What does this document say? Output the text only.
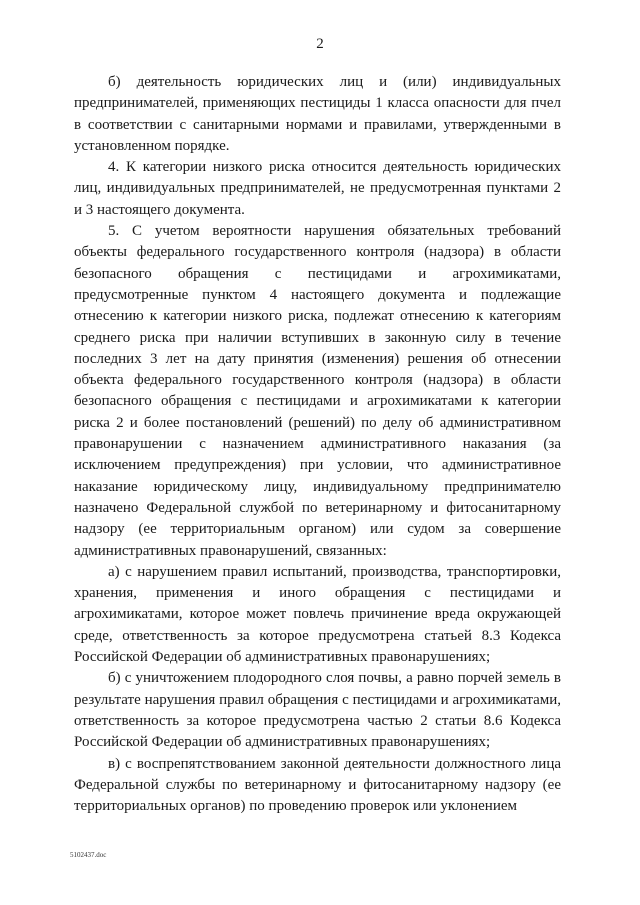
2

б) деятельность юридических лиц и (или) индивидуальных предпринимателей, применяющих пестициды 1 класса опасности для пчел в соответствии с санитарными нормами и правилами, утвержденными в установленном порядке.

4. К категории низкого риска относится деятельность юридических лиц, индивидуальных предпринимателей, не предусмотренная пунктами 2 и 3 настоящего документа.

5. С учетом вероятности нарушения обязательных требований объекты федерального государственного контроля (надзора) в области безопасного обращения с пестицидами и агрохимикатами, предусмотренные пунктом 4 настоящего документа и подлежащие отнесению к категории низкого риска, подлежат отнесению к категориям среднего риска при наличии вступивших в законную силу в течение последних 3 лет на дату принятия (изменения) решения об отнесении объекта федерального государственного контроля (надзора) в области безопасного обращения с пестицидами и агрохимикатами к категории риска 2 и более постановлений (решений) по делу об административном правонарушении с назначением административного наказания (за исключением предупреждения) при условии, что административное наказание юридическому лицу, индивидуальному предпринимателю назначено Федеральной службой по ветеринарному и фитосанитарному надзору (ее территориальным органом) или судом за совершение административных правонарушений, связанных:

а) с нарушением правил испытаний, производства, транспортировки, хранения, применения и иного обращения с пестицидами и агрохимикатами, которое может повлечь причинение вреда окружающей среде, ответственность за которое предусмотрена статьей 8.3 Кодекса Российской Федерации об административных правонарушениях;

б) с уничтожением плодородного слоя почвы, а равно порчей земель в результате нарушения правил обращения с пестицидами и агрохимикатами, ответственность за которое предусмотрена частью 2 статьи 8.6 Кодекса Российской Федерации об административных правонарушениях;

в) с воспрепятствованием законной деятельности должностного лица Федеральной службы по ветеринарному и фитосанитарному надзору (ее территориальных органов) по проведению проверок или уклонением

5102437.doc
